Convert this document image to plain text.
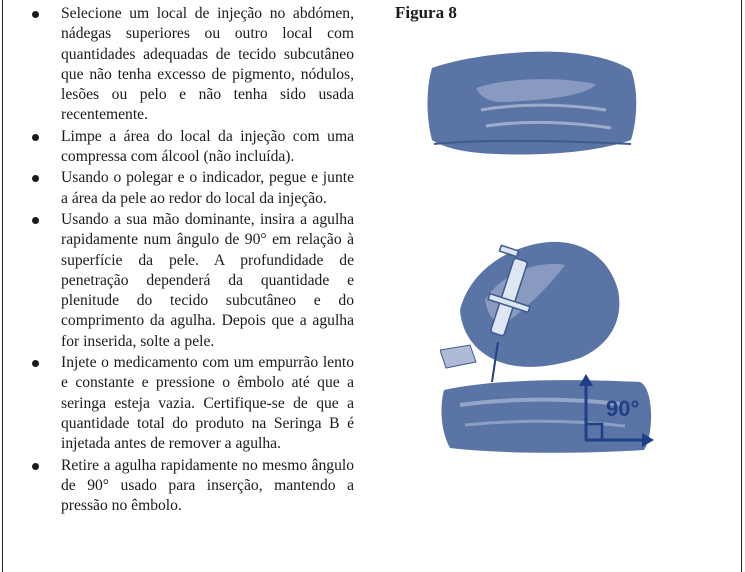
Selecione um local de injeção no abdómen, nádegas superiores ou outro local com quantidades adequadas de tecido subcutâneo que não tenha excesso de pigmento, nódulos, lesões ou pelo e não tenha sido usada recentemente.
Limpe a área do local da injeção com uma compressa com álcool (não incluída).
Usando o polegar e o indicador, pegue e junte a área da pele ao redor do local da injeção.
Usando a sua mão dominante, insira a agulha rapidamente num ângulo de 90° em relação à superfície da pele. A profundidade de penetração dependerá da quantidade e plenitude do tecido subcutâneo e do comprimento da agulha. Depois que a agulha for inserida, solte a pele.
Injete o medicamento com um empurrão lento e constante e pressione o êmbolo até que a seringa esteja vazia. Certifique-se de que a quantidade total do produto na Seringa B é injetada antes de remover a agulha.
Retire a agulha rapidamente no mesmo ângulo de 90° usado para inserção, mantendo a pressão no êmbolo.
Figura 8
90°
